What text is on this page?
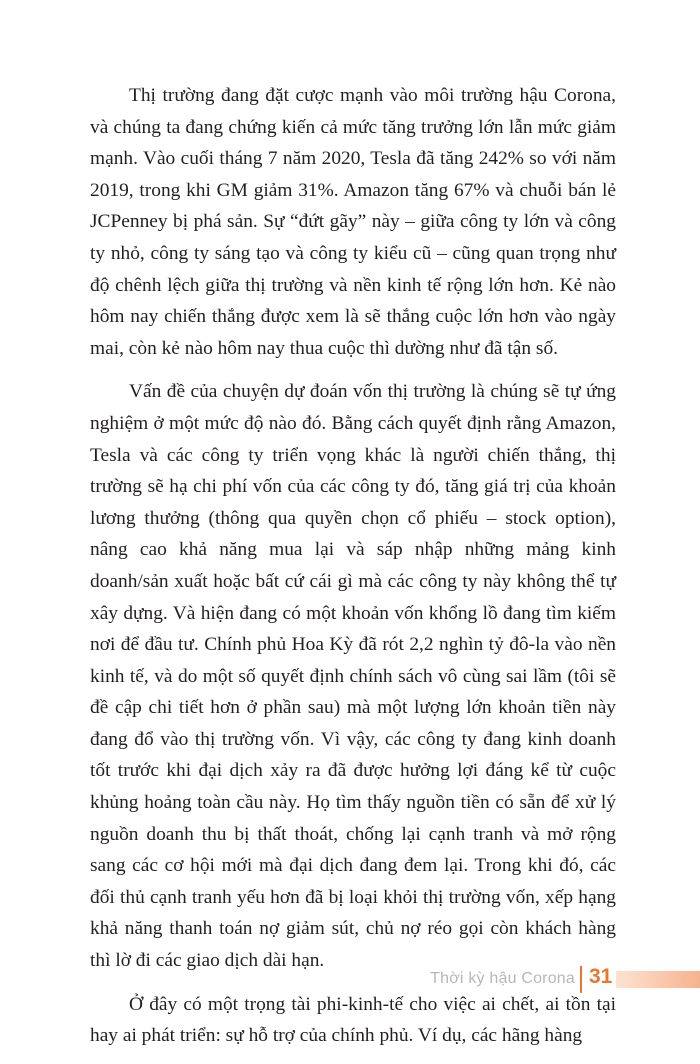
Thị trường đang đặt cược mạnh vào môi trường hậu Corona, và chúng ta đang chứng kiến cả mức tăng trưởng lớn lẫn mức giảm mạnh. Vào cuối tháng 7 năm 2020, Tesla đã tăng 242% so với năm 2019, trong khi GM giảm 31%. Amazon tăng 67% và chuỗi bán lẻ JCPenney bị phá sản. Sự “đứt gãy” này – giữa công ty lớn và công ty nhỏ, công ty sáng tạo và công ty kiểu cũ – cũng quan trọng như độ chênh lệch giữa thị trường và nền kinh tế rộng lớn hơn. Kẻ nào hôm nay chiến thắng được xem là sẽ thắng cuộc lớn hơn vào ngày mai, còn kẻ nào hôm nay thua cuộc thì dường như đã tận số.

Vấn đề của chuyện dự đoán vốn thị trường là chúng sẽ tự ứng nghiệm ở một mức độ nào đó. Bằng cách quyết định rằng Amazon, Tesla và các công ty triển vọng khác là người chiến thắng, thị trường sẽ hạ chi phí vốn của các công ty đó, tăng giá trị của khoản lương thưởng (thông qua quyền chọn cổ phiếu – stock option), nâng cao khả năng mua lại và sáp nhập những mảng kinh doanh/sản xuất hoặc bất cứ cái gì mà các công ty này không thể tự xây dựng. Và hiện đang có một khoản vốn khổng lồ đang tìm kiếm nơi để đầu tư. Chính phủ Hoa Kỳ đã rót 2,2 nghìn tỷ đô-la vào nền kinh tế, và do một số quyết định chính sách vô cùng sai lầm (tôi sẽ đề cập chi tiết hơn ở phần sau) mà một lượng lớn khoản tiền này đang đổ vào thị trường vốn. Vì vậy, các công ty đang kinh doanh tốt trước khi đại dịch xảy ra đã được hưởng lợi đáng kể từ cuộc khủng hoảng toàn cầu này. Họ tìm thấy nguồn tiền có sẵn để xử lý nguồn doanh thu bị thất thoát, chống lại cạnh tranh và mở rộng sang các cơ hội mới mà đại dịch đang đem lại. Trong khi đó, các đối thủ cạnh tranh yếu hơn đã bị loại khỏi thị trường vốn, xếp hạng khả năng thanh toán nợ giảm sút, chủ nợ réo gọi còn khách hàng thì lờ đi các giao dịch dài hạn.

Ở đây có một trọng tài phi-kinh-tế cho việc ai chết, ai tồn tại hay ai phát triển: sự hỗ trợ của chính phủ. Ví dụ, các hãng hàng

Thời kỳ hậu Corona 31
